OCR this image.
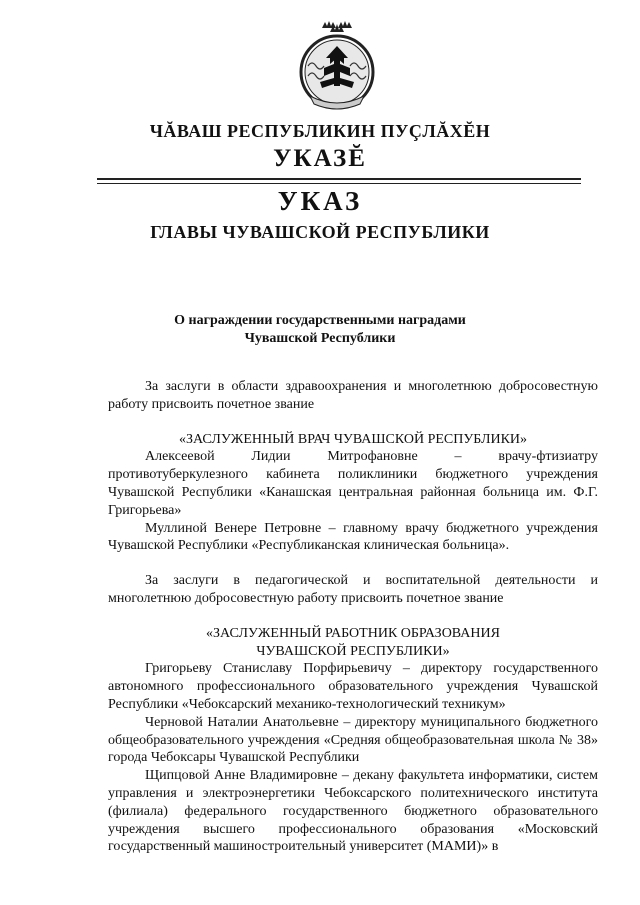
ЧĂВАШ РЕСПУБЛИКИН ПУÇЛĂХĔН
УКАЗĔ
УКАЗ
ГЛАВЫ ЧУВАШСКОЙ РЕСПУБЛИКИ
О награждении государственными наградами
Чувашской Республики

За заслуги в области здравоохранения и многолетнюю добросовестную работу присвоить почетное звание

«ЗАСЛУЖЕННЫЙ ВРАЧ ЧУВАШСКОЙ РЕСПУБЛИКИ»

Алексеевой Лидии Митрофановне – врачу-фтизиатру противотуберкулезного кабинета поликлиники бюджетного учреждения Чувашской Республики «Канашская центральная районная больница им. Ф.Г. Григорьева»

Муллиной Венере Петровне – главному врачу бюджетного учреждения Чувашской Республики «Республиканская клиническая больница».

За заслуги в педагогической и воспитательной деятельности и многолетнюю добросовестную работу присвоить почетное звание

«ЗАСЛУЖЕННЫЙ РАБОТНИК ОБРАЗОВАНИЯ

ЧУВАШСКОЙ РЕСПУБЛИКИ»

Григорьеву Станиславу Порфирьевичу – директору государственного автономного профессионального образовательного учреждения Чувашской Республики «Чебоксарский механико-технологический техникум»

Черновой Наталии Анатольевне – директору муниципального бюджетного общеобразовательного учреждения «Средняя общеобразовательная школа № 38» города Чебоксары Чувашской Республики

Щипцовой Анне Владимировне – декану факультета информатики, систем управления и электроэнергетики Чебоксарского политехнического института (филиала) федерального государственного бюджетного образовательного учреждения высшего профессионального образования «Московский государственный машиностроительный университет (МАМИ)» в
